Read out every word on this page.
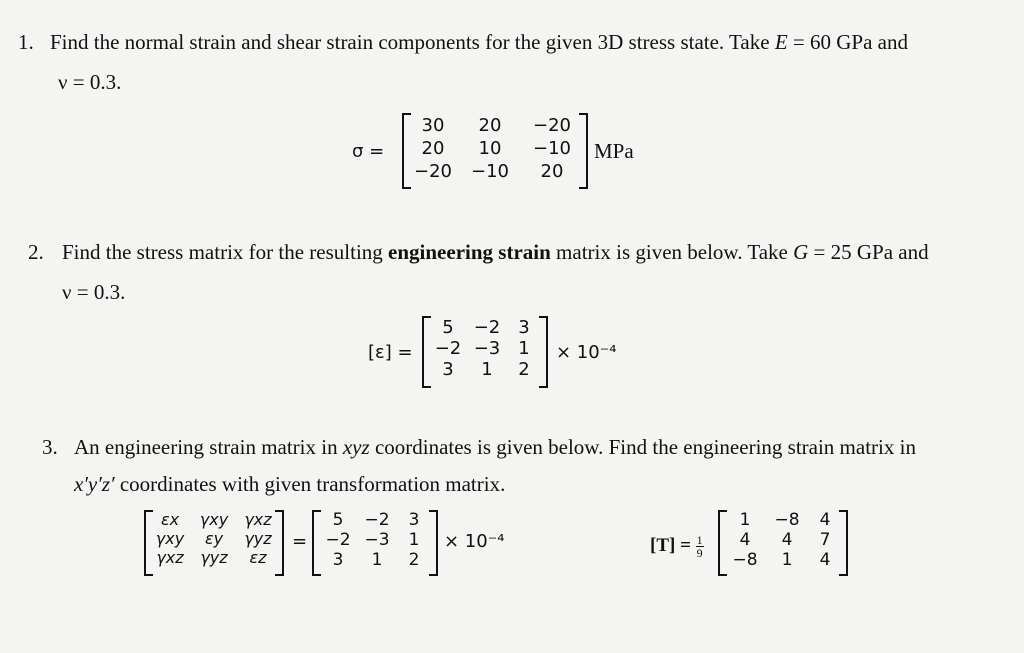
1. Find the normal strain and shear strain components for the given 3D stress state. Take E = 60 GPa and
ν = 0.3.
σ =
30	20	−20
20	10	−10
−20	−10	20
MPa
2. Find the stress matrix for the resulting engineering strain matrix is given below. Take G = 25 GPa and
ν = 0.3.
[ε] =
5	−2	3
−2 −3	1
3	1	2
× 10⁻⁴
3. An engineering strain matrix in xyz coordinates is given below. Find the engineering strain matrix in
x′y′z′ coordinates with given transformation matrix.
εx	γxy	γxz
γxy	εy	γyz
γxz	γyz	εz
=
5	−2	3
−2 −3	1
3	1	2
× 10⁻⁴	$[T] = \frac{1}{9}$
1	−8	4
4	4	7
−8	1	4
